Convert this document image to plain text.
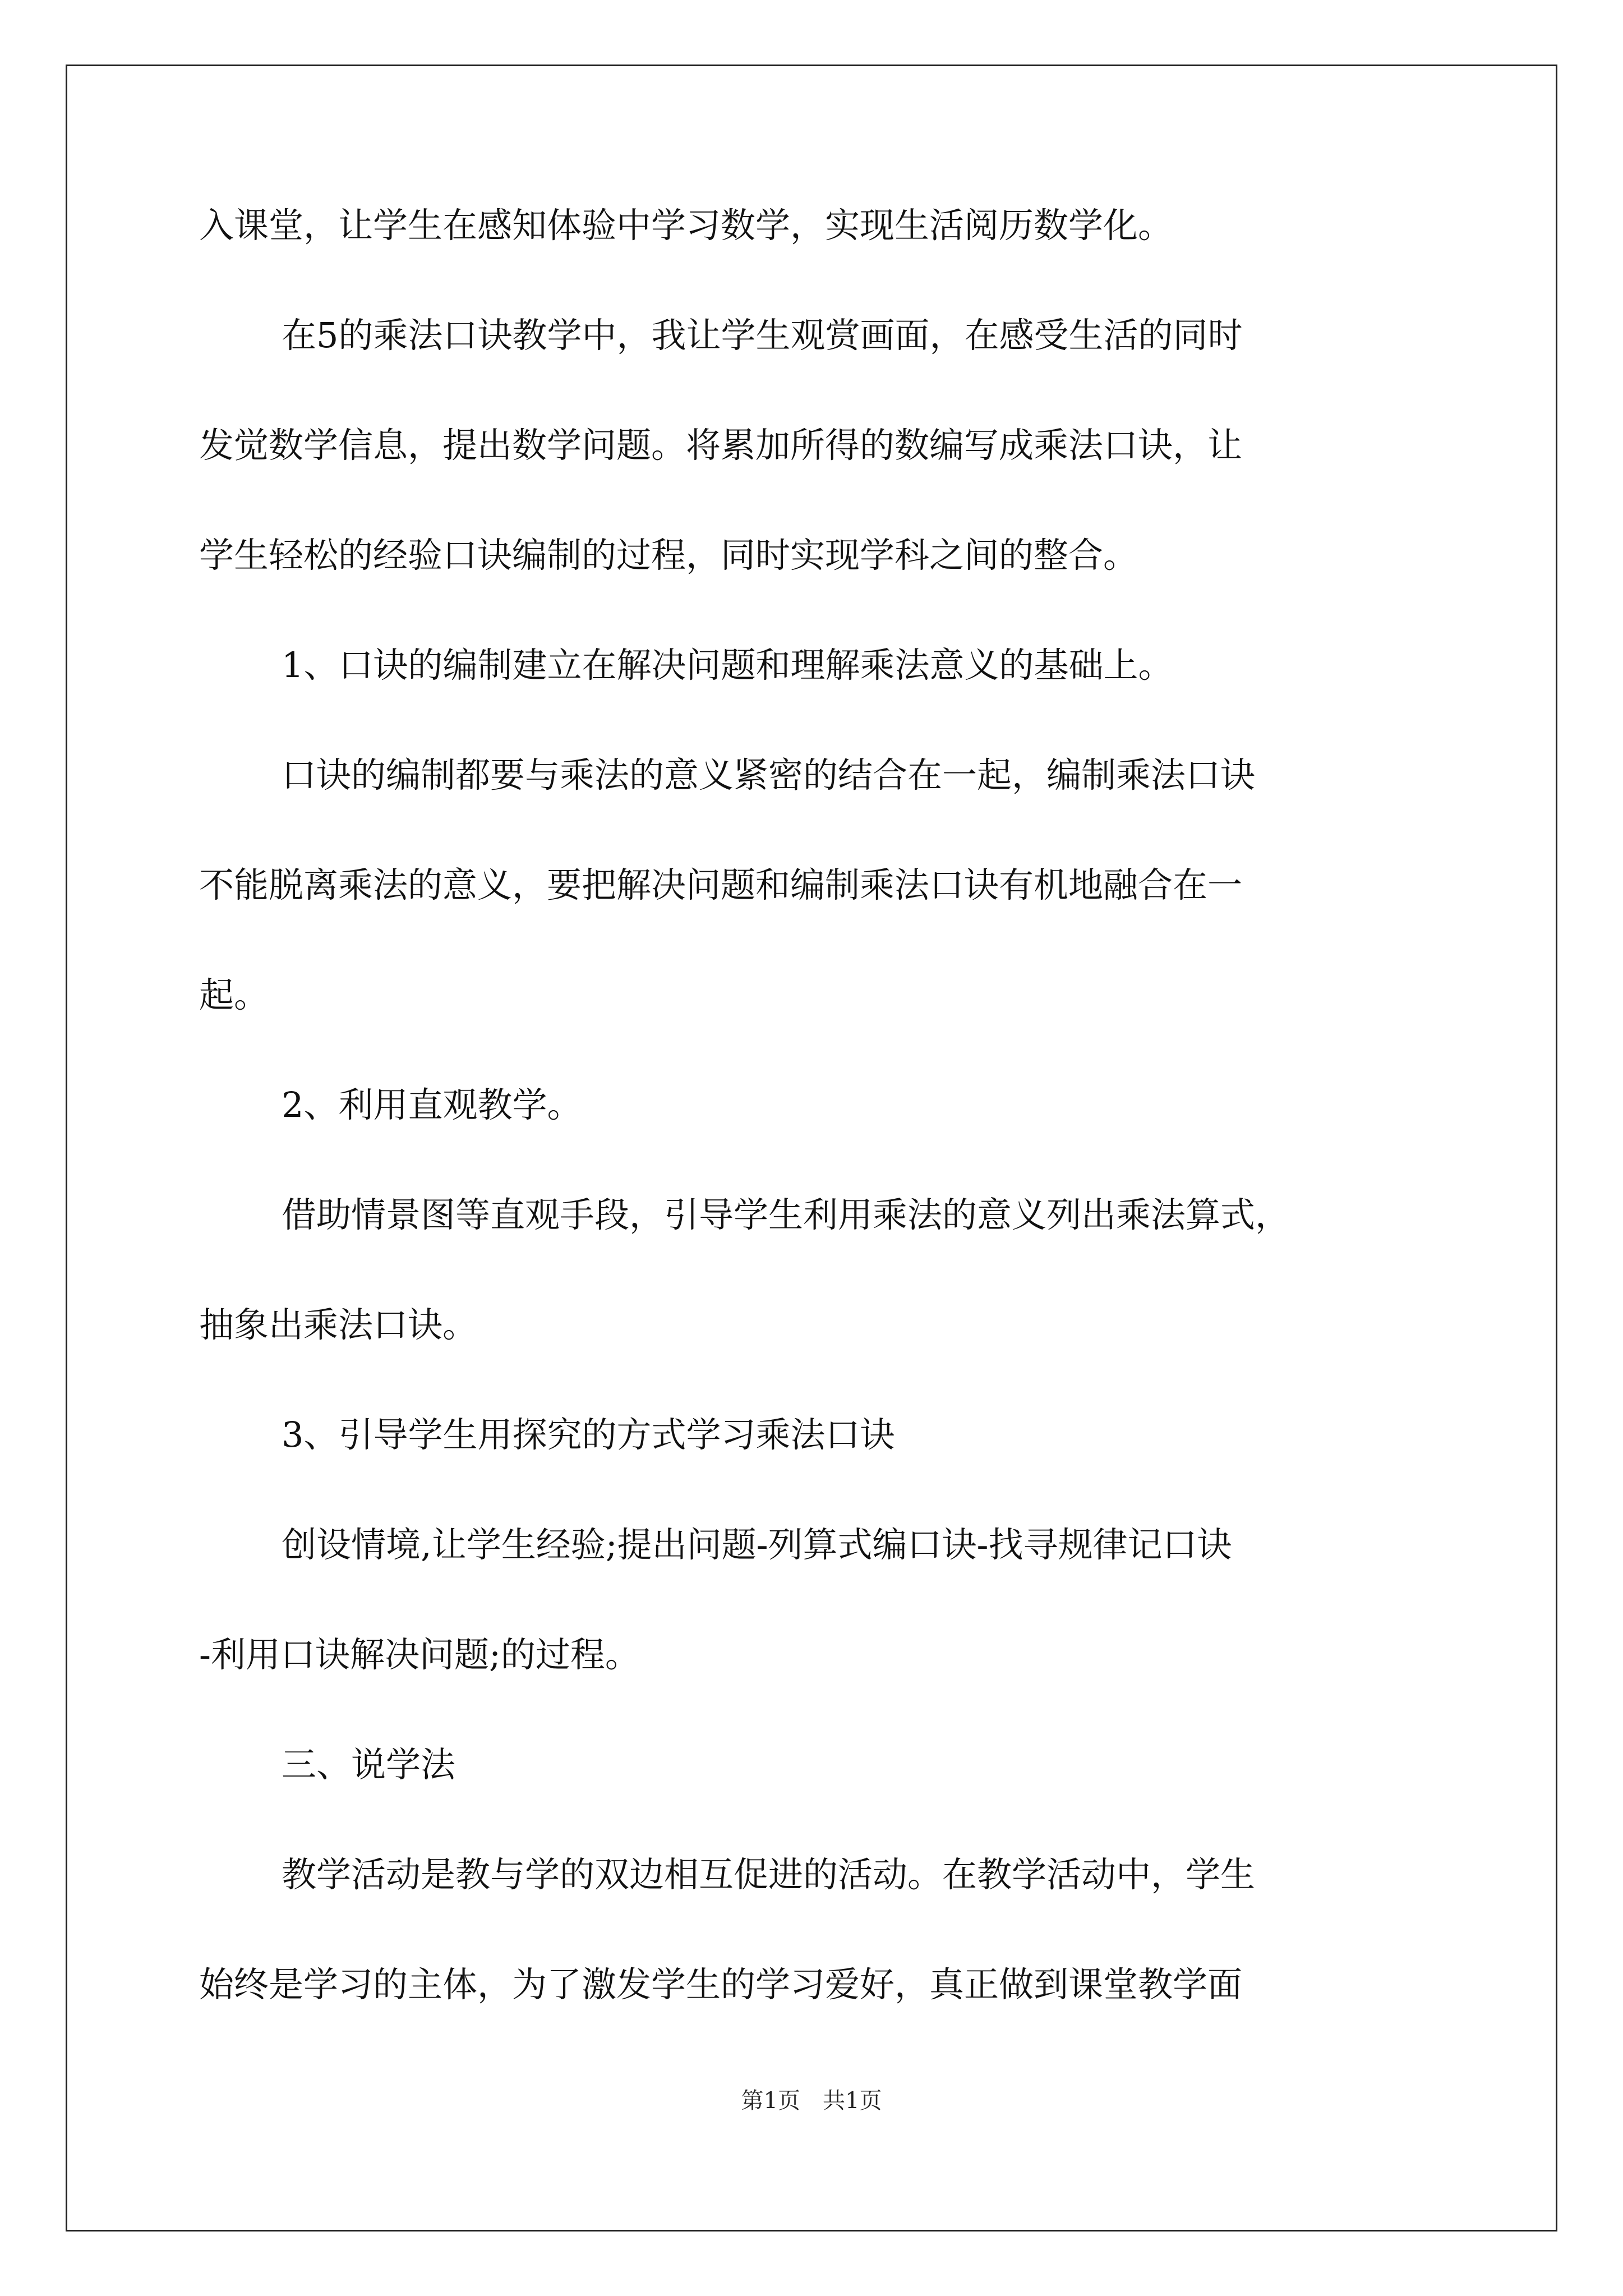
入课堂，让学生在感知体验中学习数学，实现生活阅历数学化。

在5的乘法口诀教学中，我让学生观赏画面，在感受生活的同时

发觉数学信息，提出数学问题。将累加所得的数编写成乘法口诀，让

学生轻松的经验口诀编制的过程，同时实现学科之间的整合。

1、口诀的编制建立在解决问题和理解乘法意义的基础上。

口诀的编制都要与乘法的意义紧密的结合在一起，编制乘法口诀

不能脱离乘法的意义，要把解决问题和编制乘法口诀有机地融合在一

起。

2、利用直观教学。

借助情景图等直观手段，引导学生利用乘法的意义列出乘法算式，

抽象出乘法口诀。

3、引导学生用探究的方式学习乘法口诀

创设情境,让学生经验;提出问题-列算式编口诀-找寻规律记口诀

-利用口诀解决问题;的过程。

三、说学法

教学活动是教与学的双边相互促进的活动。在教学活动中，学生

始终是学习的主体，为了激发学生的学习爱好，真正做到课堂教学面

第1页　共1页
